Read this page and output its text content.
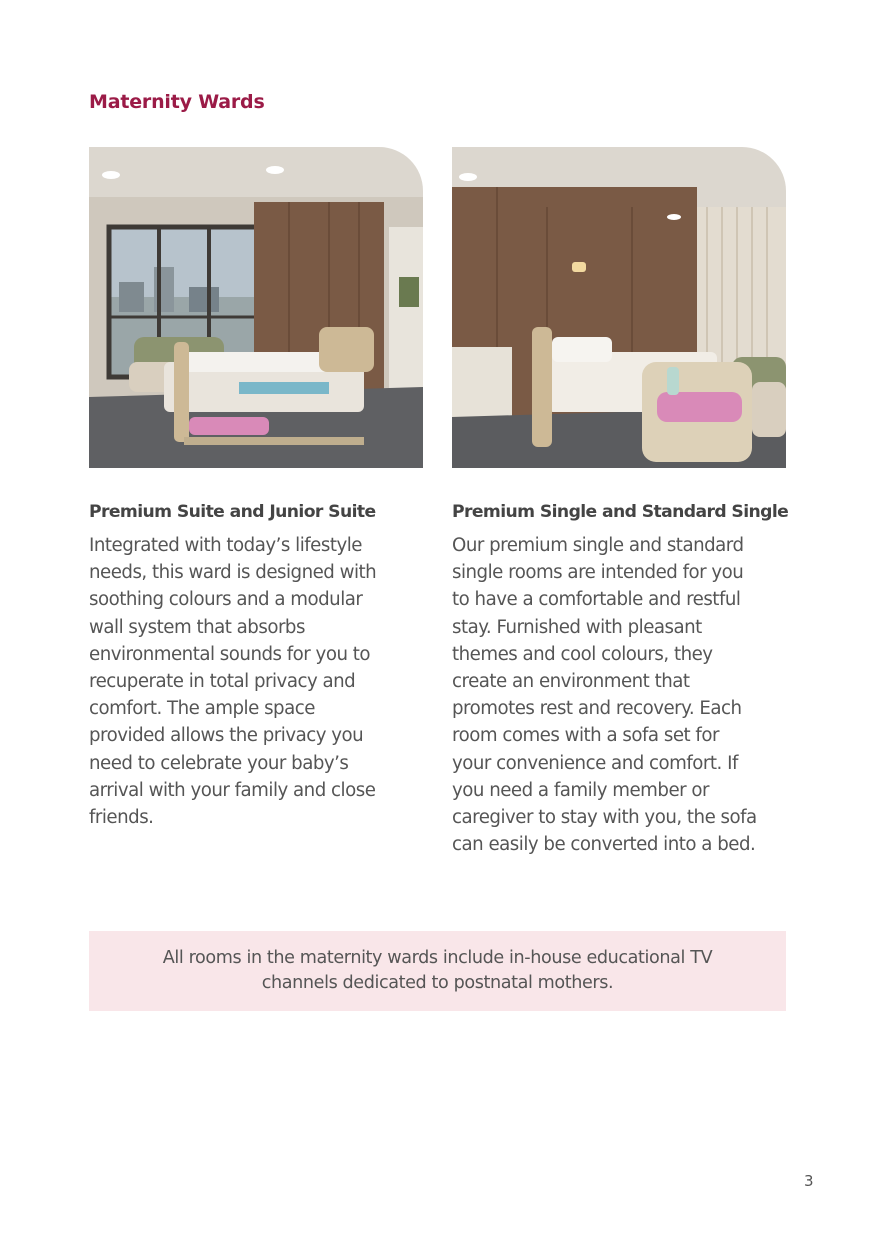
Maternity Wards
Premium Suite and Junior Suite
Integrated with today’s lifestyle
needs, this ward is designed with
soothing colours and a modular
wall system that absorbs
environmental sounds for you to
recuperate in total privacy and
comfort. The ample space
provided allows the privacy you
need to celebrate your baby’s
arrival with your family and close
friends.
Premium Single and Standard Single
Our premium single and standard
single rooms are intended for you
to have a comfortable and restful
stay. Furnished with pleasant
themes and cool colours, they
create an environment that
promotes rest and recovery. Each
room comes with a sofa set for
your convenience and comfort. If
you need a family member or
caregiver to stay with you, the sofa
can easily be converted into a bed.
All rooms in the maternity wards include in-house educational TV
channels dedicated to postnatal mothers.
3
